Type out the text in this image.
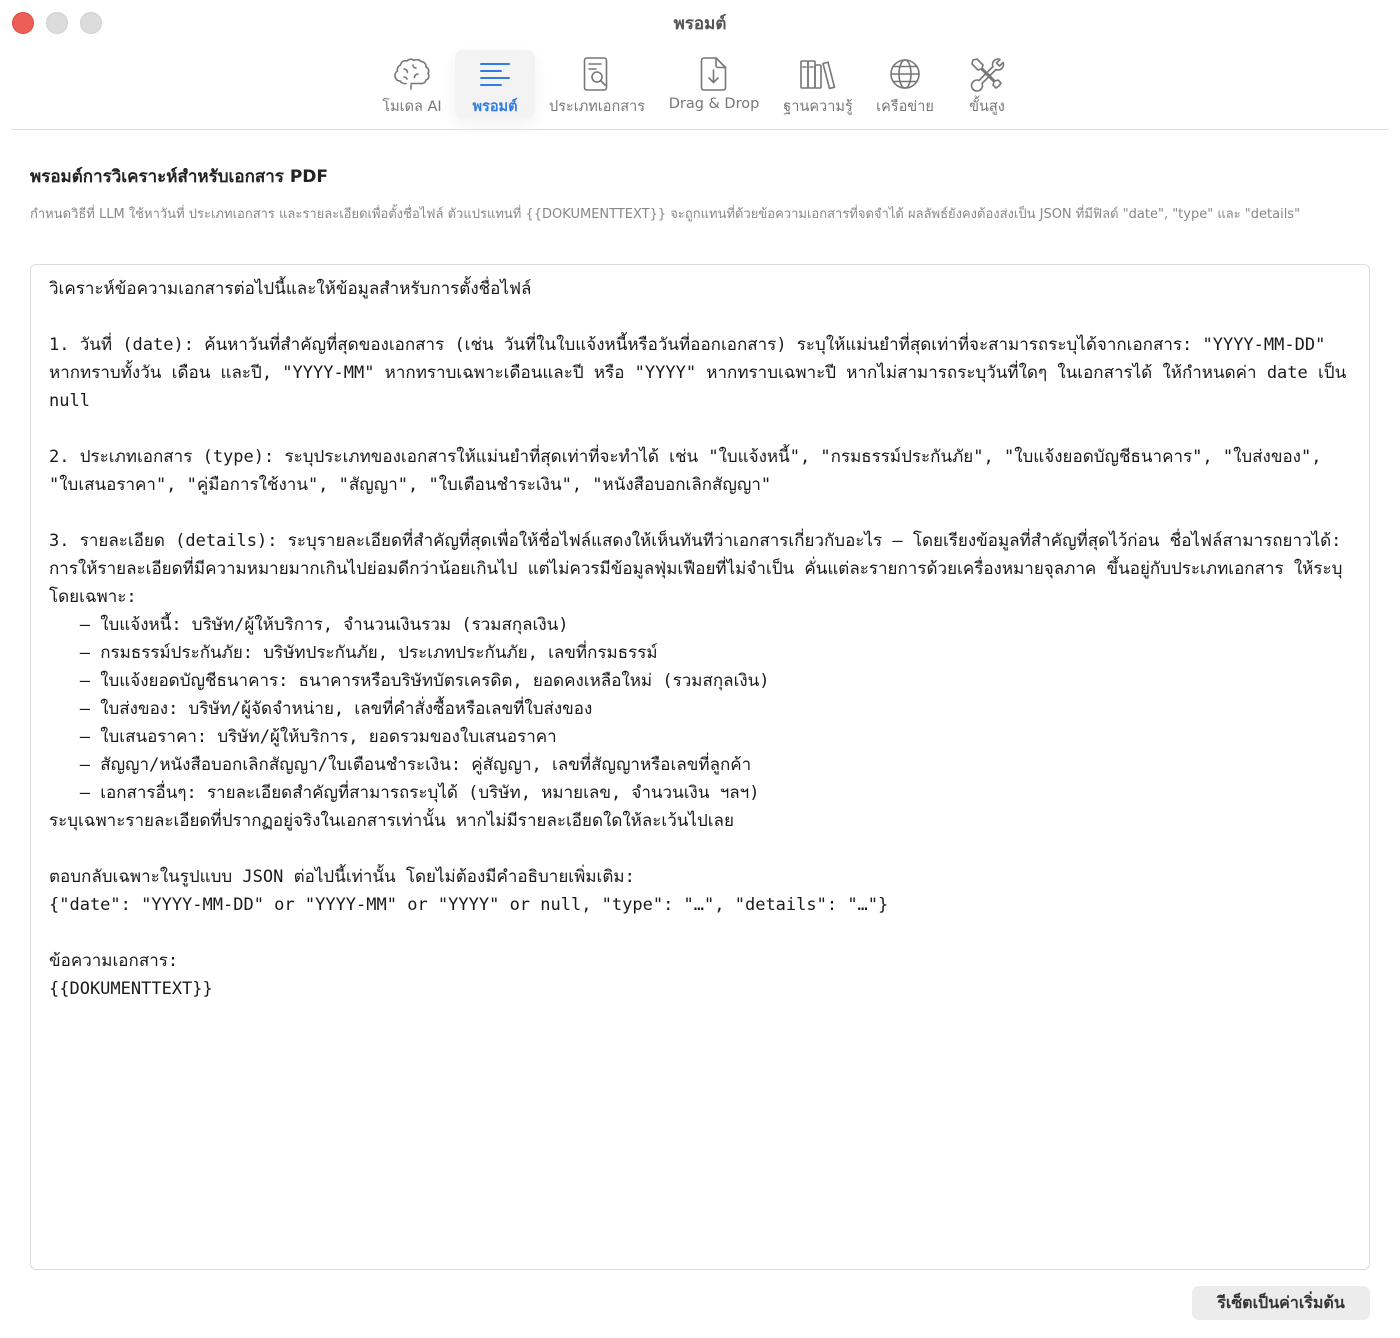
พรอมต์
โมเดล AI พรอมต์ ประเภทเอกสาร Drag & Drop ฐานความรู้ เครือข่าย ขั้นสูง
พรอมต์การวิเคราะห์สำหรับเอกสาร PDF
กำหนดวิธีที่ LLM ใช้หาวันที่ ประเภทเอกสาร และรายละเอียดเพื่อตั้งชื่อไฟล์ ตัวแปรแทนที่ {{DOKUMENTTEXT}} จะถูกแทนที่ด้วยข้อความเอกสารที่จดจำได้ ผลลัพธ์ยังคงต้องส่งเป็น JSON ที่มีฟิลด์ "date", "type" และ "details"
วิเคราะห์ข้อความเอกสารต่อไปนี้และให้ข้อมูลสำหรับการตั้งชื่อไฟล์

1. วันที่ (date): ค้นหาวันที่สำคัญที่สุดของเอกสาร (เช่น วันที่ในใบแจ้งหนี้หรือวันที่ออกเอกสาร) ระบุให้แม่นยำที่สุดเท่าที่จะสามารถระบุได้จากเอกสาร: "YYYY-MM-DD" หากทราบทั้งวัน เดือน และปี, "YYYY-MM" หากทราบเฉพาะเดือนและปี หรือ "YYYY" หากทราบเฉพาะปี หากไม่สามารถระบุวันที่ใดๆ ในเอกสารได้ ให้กำหนดค่า date เป็น null

2. ประเภทเอกสาร (type): ระบุประเภทของเอกสารให้แม่นยำที่สุดเท่าที่จะทำได้ เช่น "ใบแจ้งหนี้", "กรมธรรม์ประกันภัย", "ใบแจ้งยอดบัญชีธนาคาร", "ใบส่งของ", "ใบเสนอราคา", "คู่มือการใช้งาน", "สัญญา", "ใบเตือนชำระเงิน", "หนังสือบอกเลิกสัญญา"

3. รายละเอียด (details): ระบุรายละเอียดที่สำคัญที่สุดเพื่อให้ชื่อไฟล์แสดงให้เห็นทันทีว่าเอกสารเกี่ยวกับอะไร — โดยเรียงข้อมูลที่สำคัญที่สุดไว้ก่อน ชื่อไฟล์สามารถยาวได้: การให้รายละเอียดที่มีความหมายมากเกินไปย่อมดีกว่าน้อยเกินไป แต่ไม่ควรมีข้อมูลฟุ่มเฟือยที่ไม่จำเป็น คั่นแต่ละรายการด้วยเครื่องหมายจุลภาค ขึ้นอยู่กับประเภทเอกสาร ให้ระบุโดยเฉพาะ:
– ใบแจ้งหนี้: บริษัท/ผู้ให้บริการ, จำนวนเงินรวม (รวมสกุลเงิน)
– กรมธรรม์ประกันภัย: บริษัทประกันภัย, ประเภทประกันภัย, เลขที่กรมธรรม์
– ใบแจ้งยอดบัญชีธนาคาร: ธนาคารหรือบริษัทบัตรเครดิต, ยอดคงเหลือใหม่ (รวมสกุลเงิน)
– ใบส่งของ: บริษัท/ผู้จัดจำหน่าย, เลขที่คำสั่งซื้อหรือเลขที่ใบส่งของ
– ใบเสนอราคา: บริษัท/ผู้ให้บริการ, ยอดรวมของใบเสนอราคา
– สัญญา/หนังสือบอกเลิกสัญญา/ใบเตือนชำระเงิน: คู่สัญญา, เลขที่สัญญาหรือเลขที่ลูกค้า
– เอกสารอื่นๆ: รายละเอียดสำคัญที่สามารถระบุได้ (บริษัท, หมายเลข, จำนวนเงิน ฯลฯ)
ระบุเฉพาะรายละเอียดที่ปรากฏอยู่จริงในเอกสารเท่านั้น หากไม่มีรายละเอียดใดให้ละเว้นไปเลย

ตอบกลับเฉพาะในรูปแบบ JSON ต่อไปนี้เท่านั้น โดยไม่ต้องมีคำอธิบายเพิ่มเติม:
{"date": "YYYY-MM-DD" or "YYYY-MM" or "YYYY" or null, "type": "…", "details": "…"}

ข้อความเอกสาร:
{{DOKUMENTTEXT}}
รีเซ็ตเป็นค่าเริ่มต้น
